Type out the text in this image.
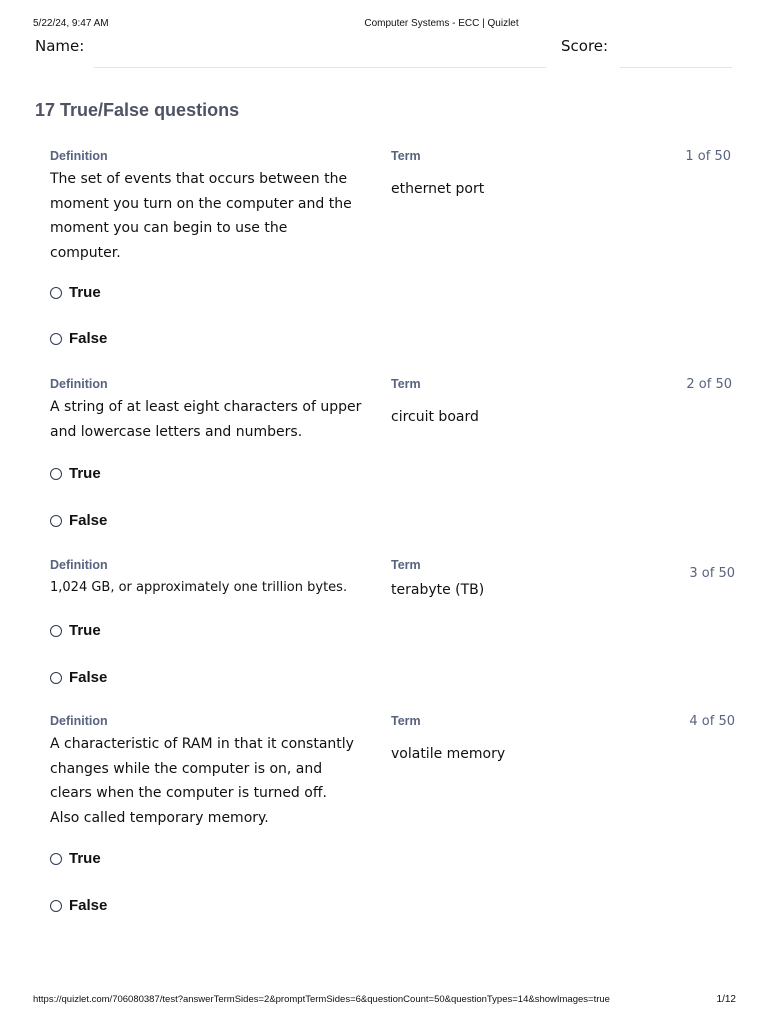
5/22/24, 9:47 AM	Computer Systems - ECC | Quizlet
Name:	Score:
17 True/False questions
Definition	Term	1 of 50
The set of events that occurs between the moment you turn on the computer and the moment you can begin to use the computer.
ethernet port
True
False
Definition	Term	2 of 50
A string of at least eight characters of upper and lowercase letters and numbers.
circuit board
True
False
Definition	Term
3 of 50
1,024 GB, or approximately one trillion bytes.	terabyte (TB)
True
False
Definition	Term	4 of 50
A characteristic of RAM in that it constantly changes while the computer is on, and clears when the computer is turned off. Also called temporary memory.
volatile memory
True
False
https://quizlet.com/706080387/test?answerTermSides=2&promptTermSides=6&questionCount=50&questionTypes=14&showImages=true	1/12
